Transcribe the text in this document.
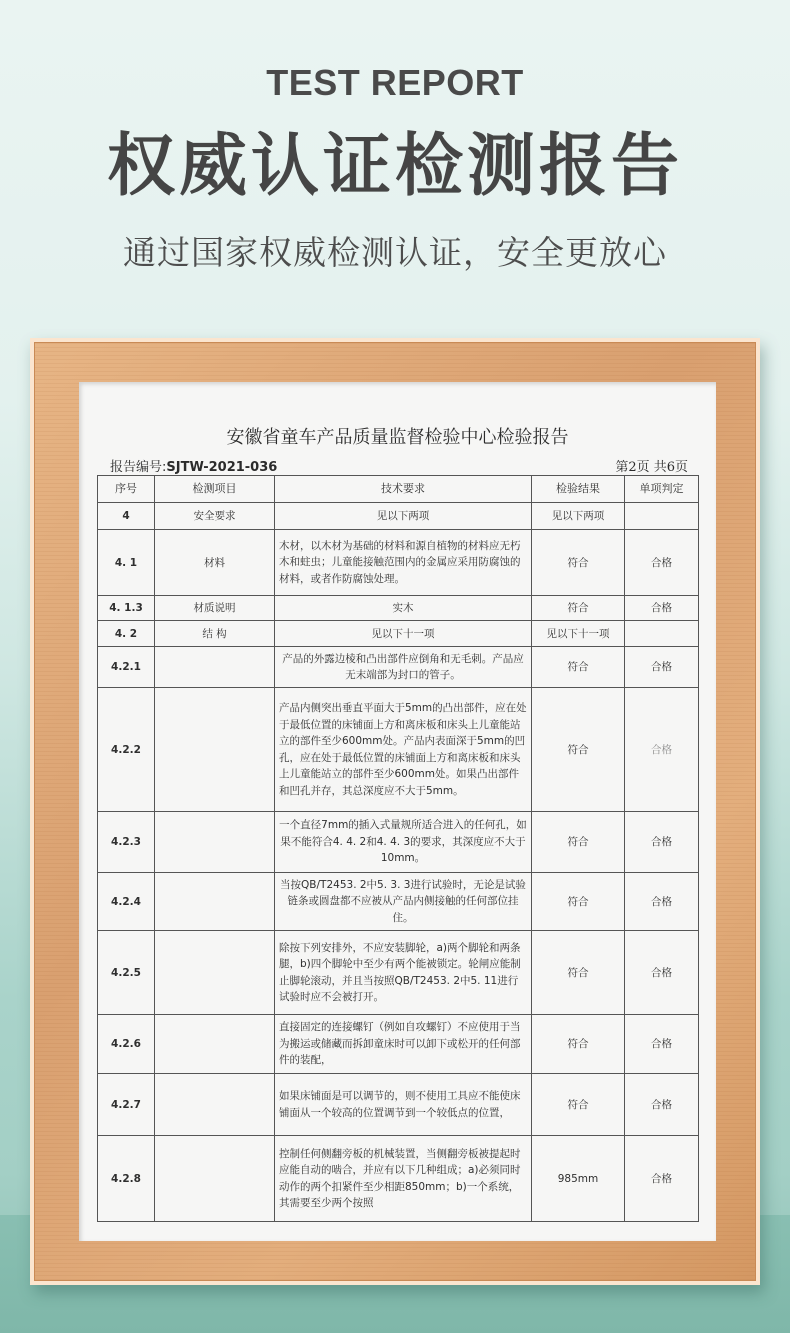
TEST REPORT
权威认证检测报告
通过国家权威检测认证，安全更放心
安徽省童车产品质量监督检验中心检验报告
报告编号:SJTW-2021-036	第2页 共6页
序号	检测项目	技术要求	检验结果	单项判定
4	安全要求	见以下两项	见以下两项	
4. 1	材料	木材，以木材为基础的材料和源自植物的材料应无朽木和蛀虫；儿童能接触范围内的金属应采用防腐蚀的材料，或者作防腐蚀处理。	符合	合格
4. 1.3	材质说明	实木	符合	合格
4. 2	结 构	见以下十一项	见以下十一项	
4.2.1		产品的外露边棱和凸出部件应倒角和无毛刺。产品应无末端部为封口的管子。	符合	合格
4.2.2		产品内侧突出垂直平面大于5mm的凸出部件，应在处于最低位置的床铺面上方和离床板和床头上儿童能站立的部件至少600mm处。产品内表面深于5mm的凹孔，应在处于最低位置的床铺面上方和离床板和床头上儿童能站立的部件至少600mm处。如果凸出部件和凹孔并存，其总深度应不大于5mm。	符合	合格
4.2.3		一个直径7mm的插入式量规所适合进入的任何孔，如果不能符合4. 4. 2和4. 4. 3的要求，其深度应不大于10mm。	符合	合格
4.2.4		当按QB/T2453. 2中5. 3. 3进行试验时，无论是试验链条或圆盘都不应被从产品内侧接触的任何部位挂住。	符合	合格
4.2.5		除按下列安排外，不应安装脚轮，a)两个脚轮和两条腿，b)四个脚轮中至少有两个能被锁定。轮闸应能制止脚轮滚动，并且当按照QB/T2453. 2中5. 11进行试验时应不会被打开。	符合	合格
4.2.6		直接固定的连接螺钉（例如自攻螺钉）不应使用于当为搬运或储藏而拆卸童床时可以卸下或松开的任何部件的装配，	符合	合格
4.2.7		如果床铺面是可以调节的，则不使用工具应不能使床铺面从一个较高的位置调节到一个较低点的位置，	符合	合格
4.2.8		控制任何侧翻旁板的机械装置，当侧翻旁板被提起时应能自动的啮合，并应有以下几种组成；a)必须同时动作的两个扣紧件至少相距850mm；b)一个系统，其需要至少两个按照	985mm	合格
